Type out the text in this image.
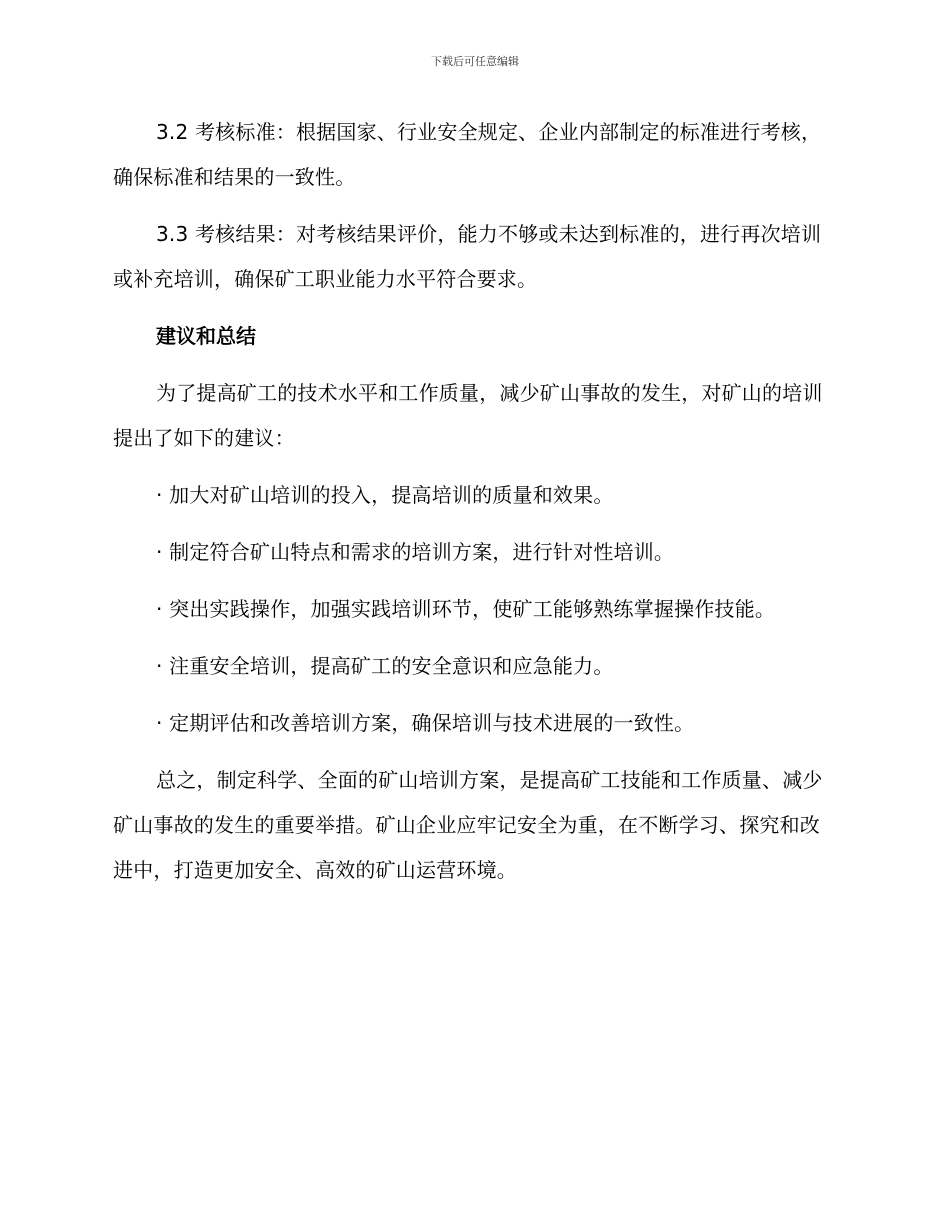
下载后可任意编辑

3.2 考核标准：根据国家、行业安全规定、企业内部制定的标准进行考核，确保标准和结果的一致性。

3.3 考核结果：对考核结果评价，能力不够或未达到标准的，进行再次培训或补充培训，确保矿工职业能力水平符合要求。

建议和总结

为了提高矿工的技术水平和工作质量，减少矿山事故的发生，对矿山的培训提出了如下的建议：

· 加大对矿山培训的投入，提高培训的质量和效果。
· 制定符合矿山特点和需求的培训方案，进行针对性培训。
· 突出实践操作，加强实践培训环节，使矿工能够熟练掌握操作技能。
· 注重安全培训，提高矿工的安全意识和应急能力。
· 定期评估和改善培训方案，确保培训与技术进展的一致性。

总之，制定科学、全面的矿山培训方案，是提高矿工技能和工作质量、减少矿山事故的发生的重要举措。矿山企业应牢记安全为重，在不断学习、探究和改进中，打造更加安全、高效的矿山运营环境。
